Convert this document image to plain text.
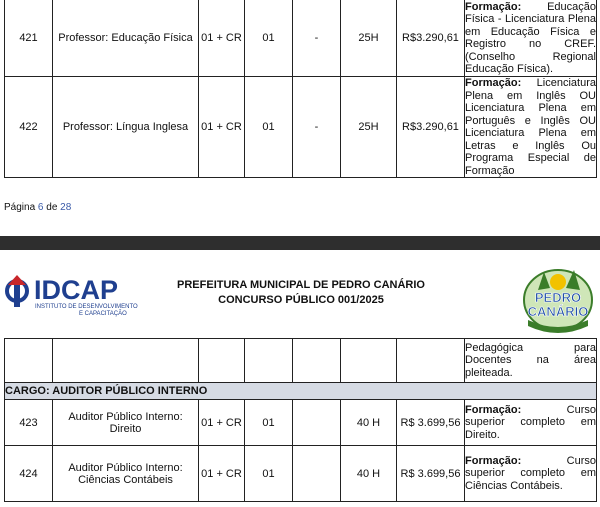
421	Professor: Educação Física	01 + CR	01	-	25H	R$3.290,61	Formação: Educação Física - Licenciatura Plena em Educação Física e Registro no CREF. (Conselho Regional Educação Física).
422	Professor: Língua Inglesa	01 + CR	01	-	25H	R$3.290,61	Formação: Licenciatura Plena em Inglês OU Licenciatura Plena em Português e Inglês OU Licenciatura Plena em Letras e Inglês Ou Programa Especial de Formação
Página 6 de 28
IDCAP
INSTITUTO DE DESENVOLVIMENTO
E CAPACITAÇÃO
PREFEITURA MUNICIPAL DE PEDRO CANÁRIO
CONCURSO PÚBLICO 001/2025	PEDRO
CANÁRIO
							Pedagógica para Docentes na área pleiteada.
CARGO: AUDITOR PÚBLICO INTERNO							
423	Auditor Público Interno: Direito	01 + CR	01		40 H	R$ 3.699,56	Formação: Curso superior completo em Direito.
424	Auditor Público Interno: Ciências Contábeis	01 + CR	01		40 H	R$ 3.699,56	Formação: Curso superior completo em Ciências Contábeis.
